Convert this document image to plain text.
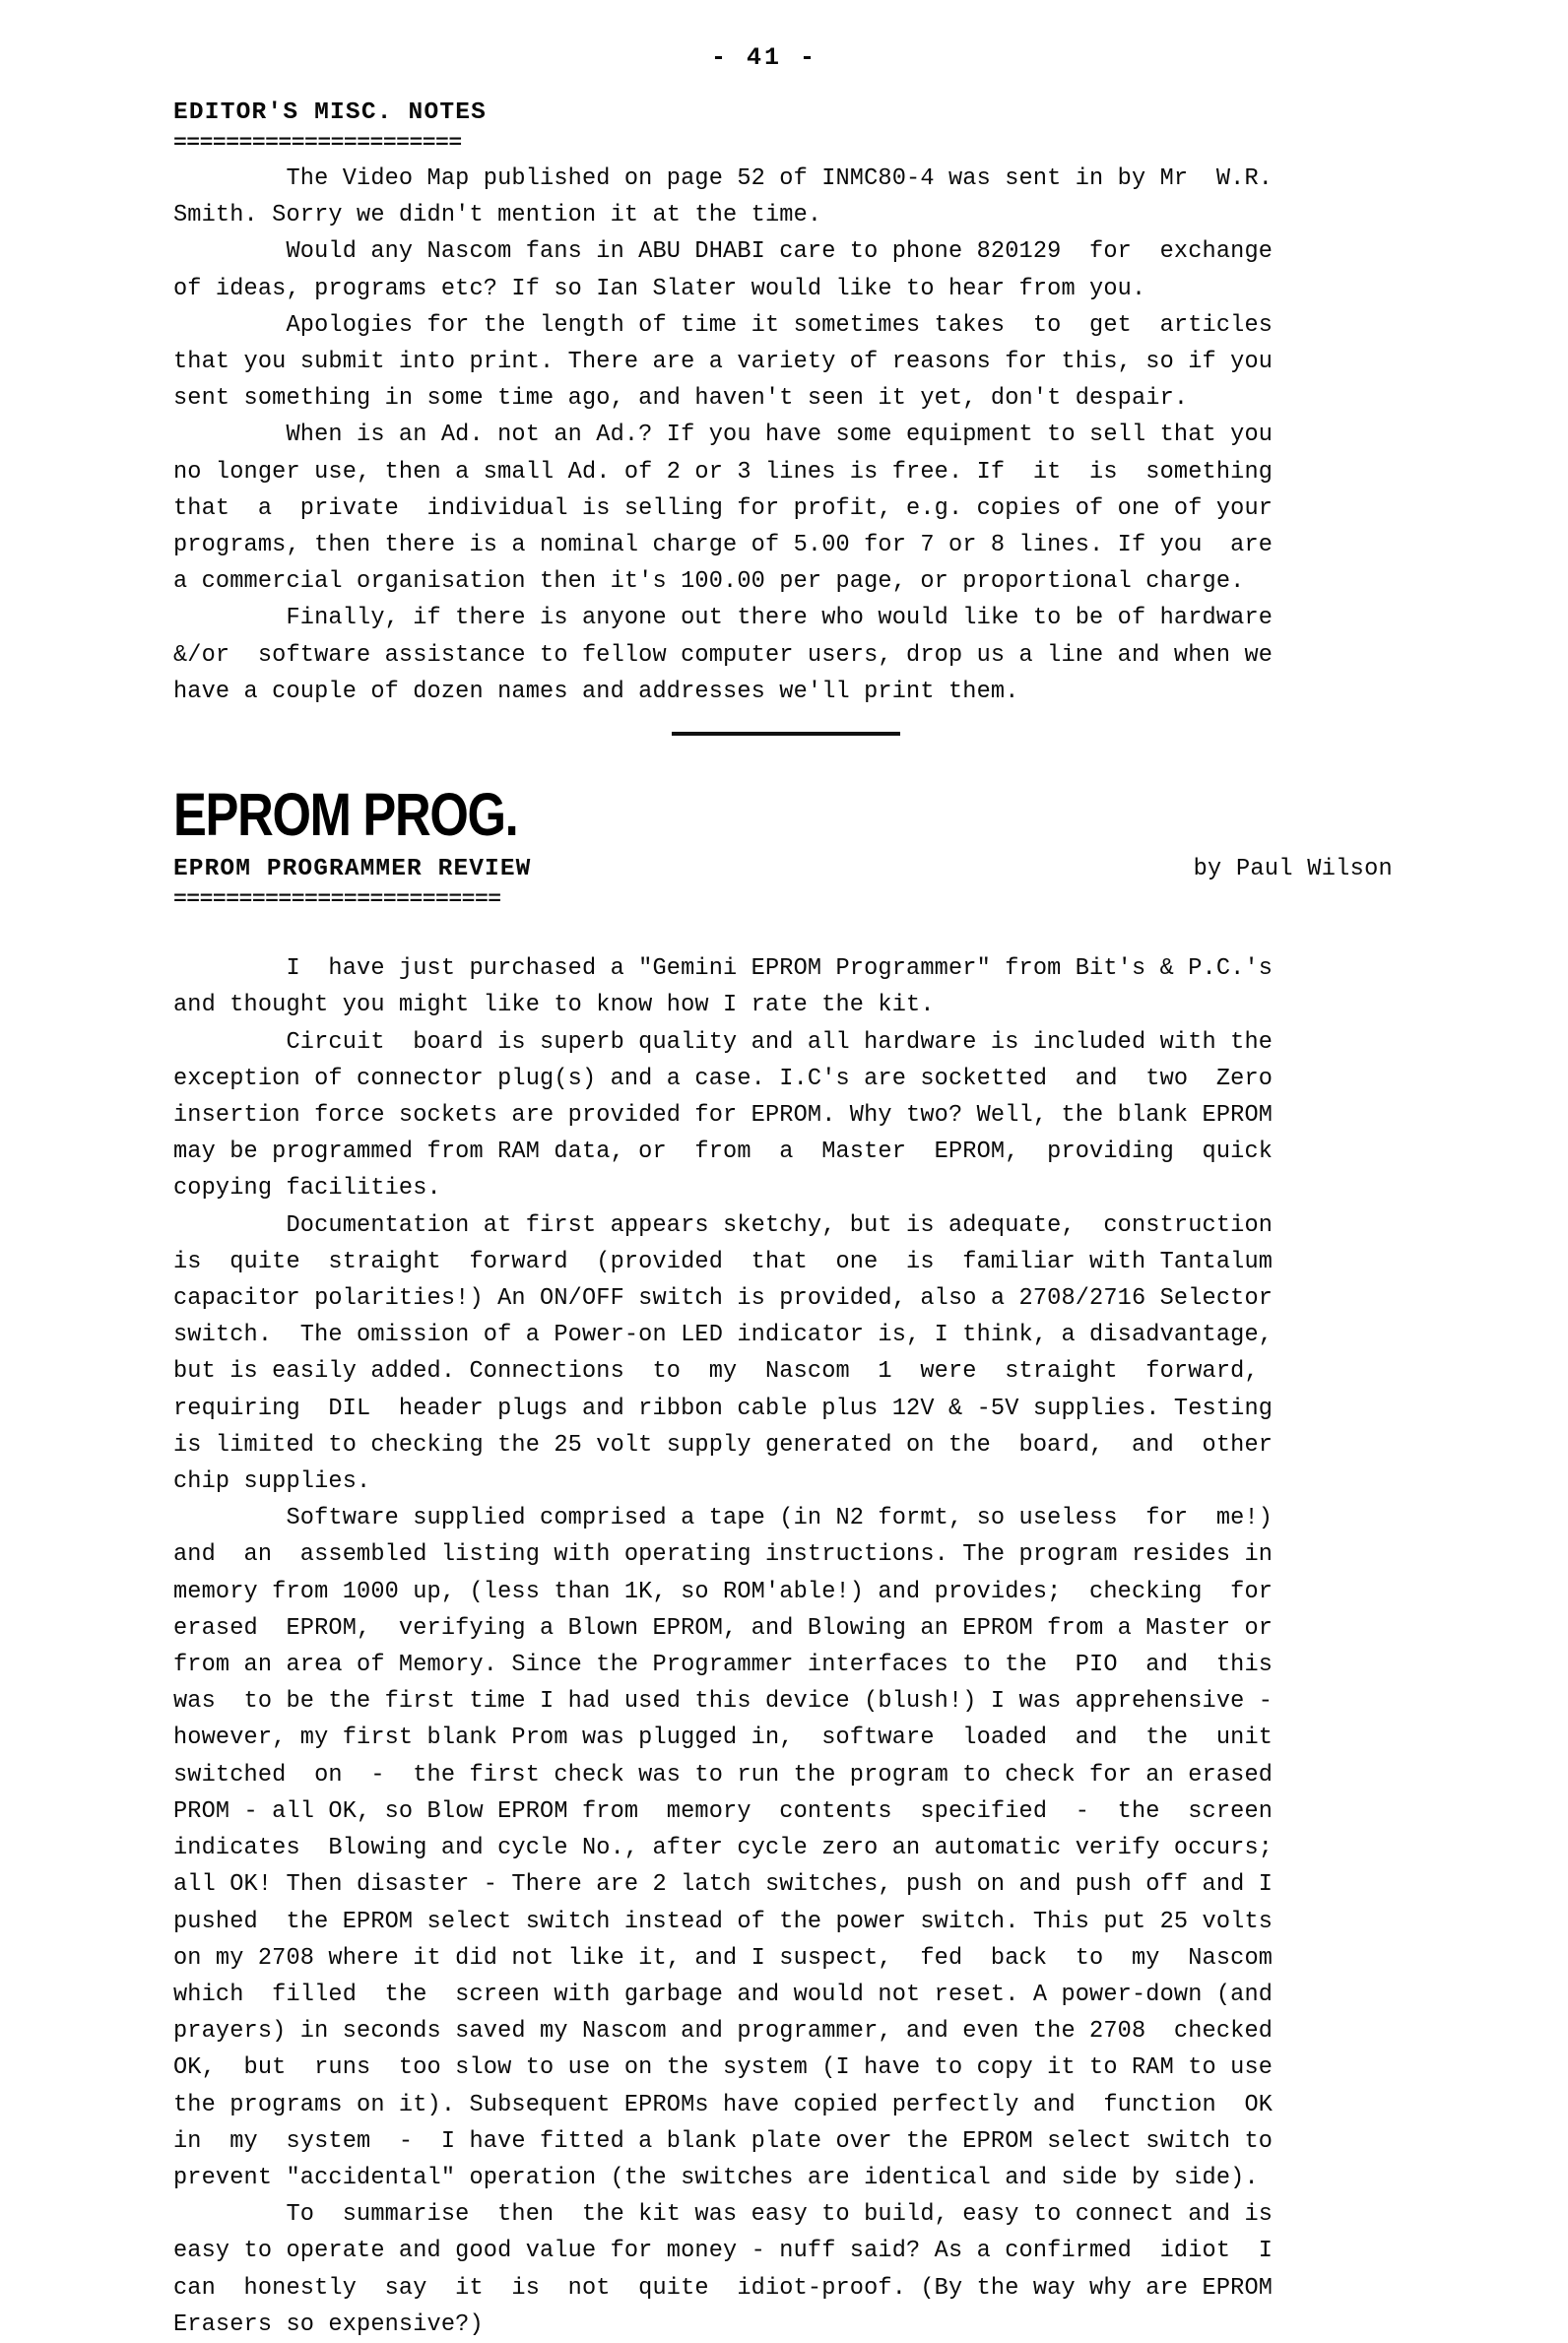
- 41 -
EDITOR'S MISC. NOTES
======================
The Video Map published on page 52 of INMC80-4 was sent in by Mr  W.R.
Smith. Sorry we didn't mention it at the time.
Would any Nascom fans in ABU DHABI care to phone 820129  for  exchange
of ideas, programs etc? If so Ian Slater would like to hear from you.
Apologies for the length of time it sometimes takes  to  get  articles
that you submit into print. There are a variety of reasons for this, so if you
sent something in some time ago, and haven't seen it yet, don't despair.
When is an Ad. not an Ad.? If you have some equipment to sell that you
no longer use, then a small Ad. of 2 or 3 lines is free. If  it  is  something
that  a  private  individual is selling for profit, e.g. copies of one of your
programs, then there is a nominal charge of 5.00 for 7 or 8 lines. If you  are
a commercial organisation then it's 100.00 per page, or proportional charge.
Finally, if there is anyone out there who would like to be of hardware
&/or  software assistance to fellow computer users, drop us a line and when we
have a couple of dozen names and addresses we'll print them.
EPROM PROG.
EPROM PROGRAMMER REVIEW	by Paul Wilson
=========================
I  have just purchased a "Gemini EPROM Programmer" from Bit's & P.C.'s
and thought you might like to know how I rate the kit.
Circuit  board is superb quality and all hardware is included with the
exception of connector plug(s) and a case. I.C's are socketted  and  two  Zero
insertion force sockets are provided for EPROM. Why two? Well, the blank EPROM
may be programmed from RAM data, or  from  a  Master  EPROM,  providing  quick
copying facilities.
Documentation at first appears sketchy, but is adequate,  construction
is  quite  straight  forward  (provided  that  one  is  familiar with Tantalum
capacitor polarities!) An ON/OFF switch is provided, also a 2708/2716 Selector
switch.  The omission of a Power-on LED indicator is, I think, a disadvantage,
but is easily added. Connections  to  my  Nascom  1  were  straight  forward,
requiring  DIL  header plugs and ribbon cable plus 12V & -5V supplies. Testing
is limited to checking the 25 volt supply generated on the  board,  and  other
chip supplies.
Software supplied comprised a tape (in N2 formt, so useless  for  me!)
and  an  assembled listing with operating instructions. The program resides in
memory from 1000 up, (less than 1K, so ROM'able!) and provides;  checking  for
erased  EPROM,  verifying a Blown EPROM, and Blowing an EPROM from a Master or
from an area of Memory. Since the Programmer interfaces to the  PIO  and  this
was  to be the first time I had used this device (blush!) I was apprehensive -
however, my first blank Prom was plugged in,  software  loaded  and  the  unit
switched  on  -  the first check was to run the program to check for an erased
PROM - all OK, so Blow EPROM from  memory  contents  specified  -  the  screen
indicates  Blowing and cycle No., after cycle zero an automatic verify occurs;
all OK! Then disaster - There are 2 latch switches, push on and push off and I
pushed  the EPROM select switch instead of the power switch. This put 25 volts
on my 2708 where it did not like it, and I suspect,  fed  back  to  my  Nascom
which  filled  the  screen with garbage and would not reset. A power-down (and
prayers) in seconds saved my Nascom and programmer, and even the 2708  checked
OK,  but  runs  too slow to use on the system (I have to copy it to RAM to use
the programs on it). Subsequent EPROMs have copied perfectly and  function  OK
in  my  system  -  I have fitted a blank plate over the EPROM select switch to
prevent "accidental" operation (the switches are identical and side by side).
To  summarise  then  the kit was easy to build, easy to connect and is
easy to operate and good value for money - nuff said? As a confirmed  idiot  I
can  honestly  say  it  is  not  quite  idiot-proof. (By the way why are EPROM
Erasers so expensive?)
